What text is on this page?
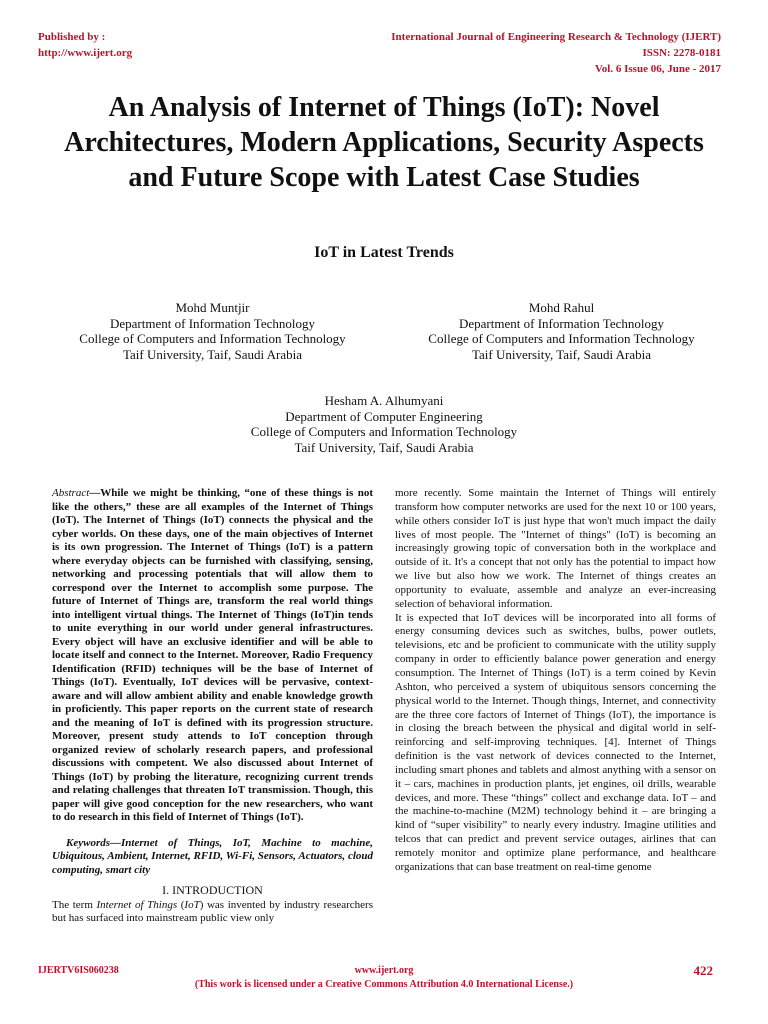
Published by :
http://www.ijert.org
International Journal of Engineering Research & Technology (IJERT)
ISSN: 2278-0181
Vol. 6 Issue 06, June - 2017
An Analysis of Internet of Things (IoT): Novel Architectures, Modern Applications, Security Aspects and Future Scope with Latest Case Studies
IoT in Latest Trends
Mohd Muntjir
Department of Information Technology
College of Computers and Information Technology
Taif University, Taif, Saudi Arabia
Mohd Rahul
Department of Information Technology
College of Computers and Information Technology
Taif University, Taif, Saudi Arabia
Hesham A. Alhumyani
Department of Computer Engineering
College of Computers and Information Technology
Taif University, Taif, Saudi Arabia

Abstract—While we might be thinking, “one of these things is not like the others,” these are all examples of the Internet of Things (IoT). The Internet of Things (IoT) connects the physical and the cyber worlds. On these days, one of the main objectives of Internet is its own progression. The Internet of Things (IoT) is a pattern where everyday objects can be furnished with classifying, sensing, networking and processing potentials that will allow them to correspond over the Internet to accomplish some purpose. The future of Internet of Things are, transform the real world things into intelligent virtual things. The Internet of Things (IoT)in tends to unite everything in our world under general infrastructures. Every object will have an exclusive identifier and will be able to locate itself and connect to the Internet. Moreover, Radio Frequency Identification (RFID) techniques will be the base of Internet of Things (IoT). Eventually, IoT devices will be pervasive, context-aware and will allow ambient ability and enable knowledge growth in proficiently. This paper reports on the current state of research and the meaning of IoT is defined with its progression structure. Moreover, present study attends to IoT conception through organized review of scholarly research papers, and professional discussions with competent. We also discussed about Internet of Things (IoT) by probing the literature, recognizing current trends and relating challenges that threaten IoT transmission. Though, this paper will give good conception for the new researchers, who want to do research in this field of Internet of Things (IoT).

Keywords—Internet of Things, IoT, Machine to machine, Ubiquitous, Ambient, Internet, RFID, Wi-Fi, Sensors, Actuators, cloud computing, smart city

I. INTRODUCTION

The term Internet of Things (IoT) was invented by industry researchers but has surfaced into mainstream public view only

more recently. Some maintain the Internet of Things will entirely transform how computer networks are used for the next 10 or 100 years, while others consider IoT is just hype that won't much impact the daily lives of most people. The "Internet of things" (IoT) is becoming an increasingly growing topic of conversation both in the workplace and outside of it. It's a concept that not only has the potential to impact how we live but also how we work. The Internet of things creates an opportunity to evaluate, assemble and analyze an ever-increasing selection of behavioral information.

It is expected that IoT devices will be incorporated into all forms of energy consuming devices such as switches, bulbs, power outlets, televisions, etc and be proficient to communicate with the utility supply company in order to efficiently balance power generation and energy consumption. The Internet of Things (IoT) is a term coined by Kevin Ashton, who perceived a system of ubiquitous sensors concerning the physical world to the Internet. Though things, Internet, and connectivity are the three core factors of Internet of Things (IoT), the importance is in closing the breach between the physical and digital world in self-reinforcing and self-improving techniques. [4]. Internet of Things definition is the vast network of devices connected to the Internet, including smart phones and tablets and almost anything with a sensor on it – cars, machines in production plants, jet engines, oil drills, wearable devices, and more. These “things” collect and exchange data. IoT – and the machine-to-machine (M2M) technology behind it – are bringing a kind of “super visibility” to nearly every industry. Imagine utilities and telcos that can predict and prevent service outages, airlines that can remotely monitor and optimize plane performance, and healthcare organizations that can base treatment on real-time genome

IJERTV6IS060238	www.ijert.org	422
(This work is licensed under a Creative Commons Attribution 4.0 International License.)
